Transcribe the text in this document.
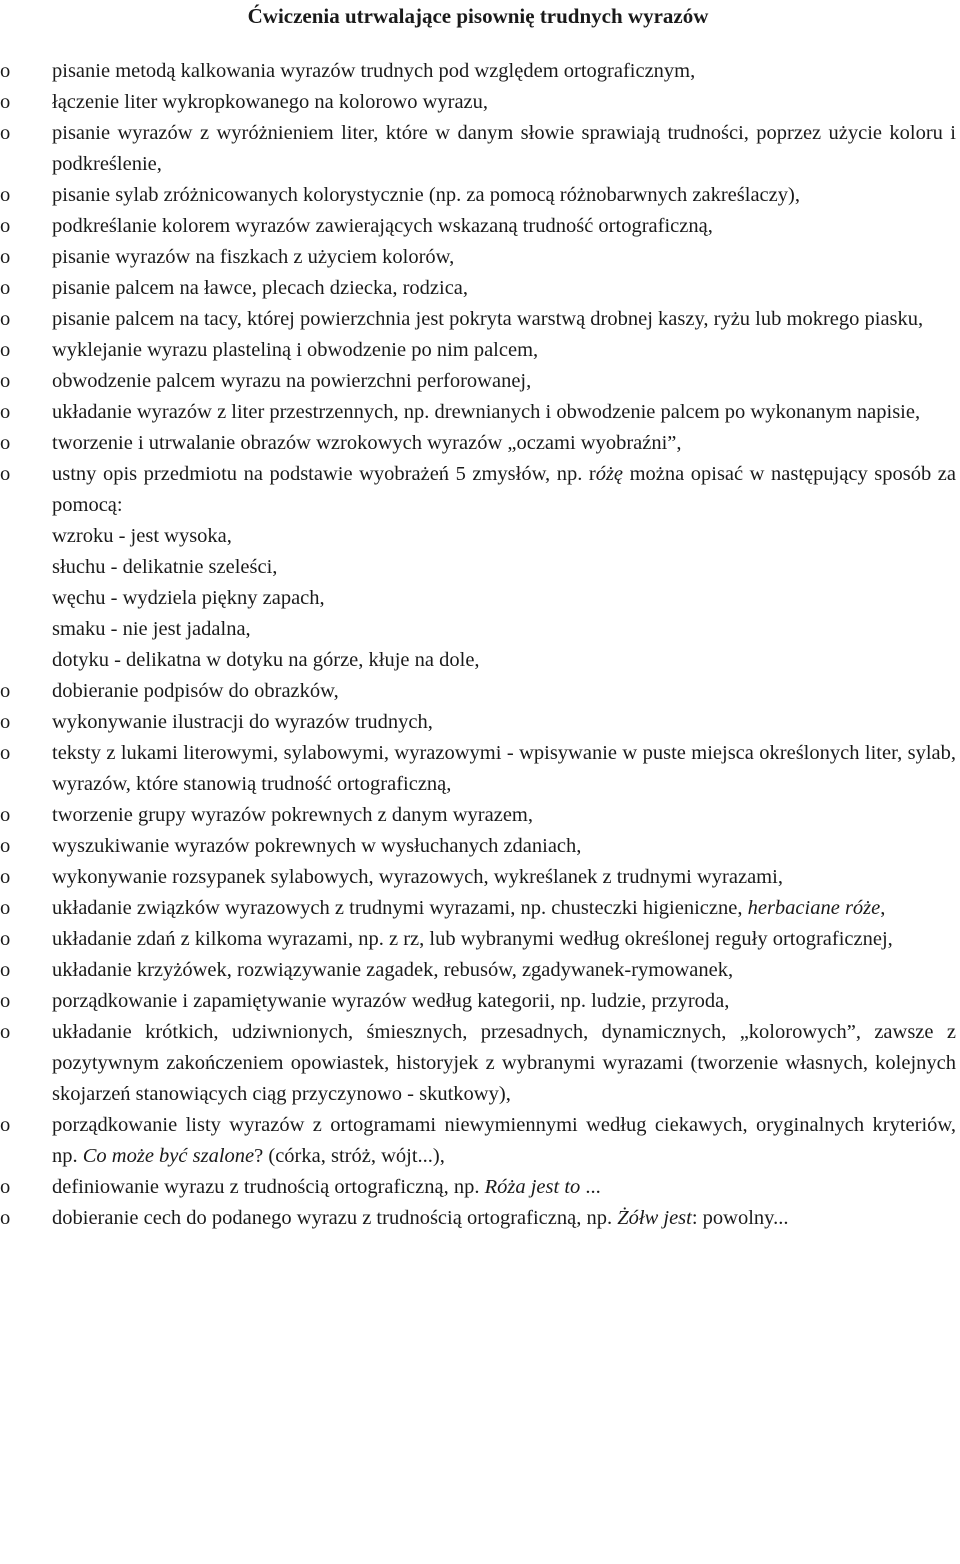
Ćwiczenia utrwalające pisownię trudnych wyrazów
o pisanie metodą kalkowania wyrazów trudnych pod względem ortograficznym,
o łączenie liter wykropkowanego na kolorowo wyrazu,
o pisanie wyrazów z wyróżnieniem liter, które w danym słowie sprawiają trudności, poprzez użycie koloru i podkreślenie,
o pisanie sylab zróżnicowanych kolorystycznie (np. za pomocą różnobarwnych zakreślaczy),
o podkreślanie kolorem wyrazów zawierających wskazaną trudność ortograficzną,
o pisanie wyrazów na fiszkach z użyciem kolorów,
o pisanie palcem na ławce, plecach dziecka, rodzica,
o pisanie palcem na tacy, której powierzchnia jest pokryta warstwą drobnej kaszy, ryżu lub mokrego piasku,
o wyklejanie wyrazu plasteliną i obwodzenie po nim palcem,
o obwodzenie palcem wyrazu na powierzchni perforowanej,
o układanie wyrazów z liter przestrzennych, np. drewnianych i obwodzenie palcem po wykonanym napisie,
o tworzenie i utrwalanie obrazów wzrokowych wyrazów „oczami wyobraźni”,
o ustny opis przedmiotu na podstawie wyobrażeń 5 zmysłów, np. różę można opisać w następujący sposób za pomocą:
wzroku - jest wysoka,
słuchu - delikatnie szeleści,
węchu - wydziela piękny zapach,
smaku - nie jest jadalna,
dotyku - delikatna w dotyku na górze, kłuje na dole,
o dobieranie podpisów do obrazków,
o wykonywanie ilustracji do wyrazów trudnych,
o teksty z lukami literowymi, sylabowymi, wyrazowymi - wpisywanie w puste miejsca określonych liter, sylab, wyrazów, które stanowią trudność ortograficzną,
o tworzenie grupy wyrazów pokrewnych z danym wyrazem,
o wyszukiwanie wyrazów pokrewnych w wysłuchanych zdaniach,
o wykonywanie rozsypanek sylabowych, wyrazowych, wykreślanek z trudnymi wyrazami,
o układanie związków wyrazowych z trudnymi wyrazami, np. chusteczki higieniczne, herbaciane róże,
o układanie zdań z kilkoma wyrazami, np. z rz, lub wybranymi według określonej reguły ortograficznej,
o układanie krzyżówek, rozwiązywanie zagadek, rebusów, zgadywanek-rymowanek,
o porządkowanie i zapamiętywanie wyrazów według kategorii, np. ludzie, przyroda,
o układanie krótkich, udziwnionych, śmiesznych, przesadnych, dynamicznych, „kolorowych”, zawsze z pozytywnym zakończeniem opowiastek, historyjek z wybranymi wyrazami (tworzenie własnych, kolejnych skojarzeń stanowiących ciąg przyczynowo - skutkowy),
o porządkowanie listy wyrazów z ortogramami niewymiennymi według ciekawych, oryginalnych kryteriów, np. Co może być szalone? (córka, stróż, wójt...),
o definiowanie wyrazu z trudnością ortograficzną, np. Róża jest to ...
o dobieranie cech do podanego wyrazu z trudnością ortograficzną, np. Żółw jest: powolny...
